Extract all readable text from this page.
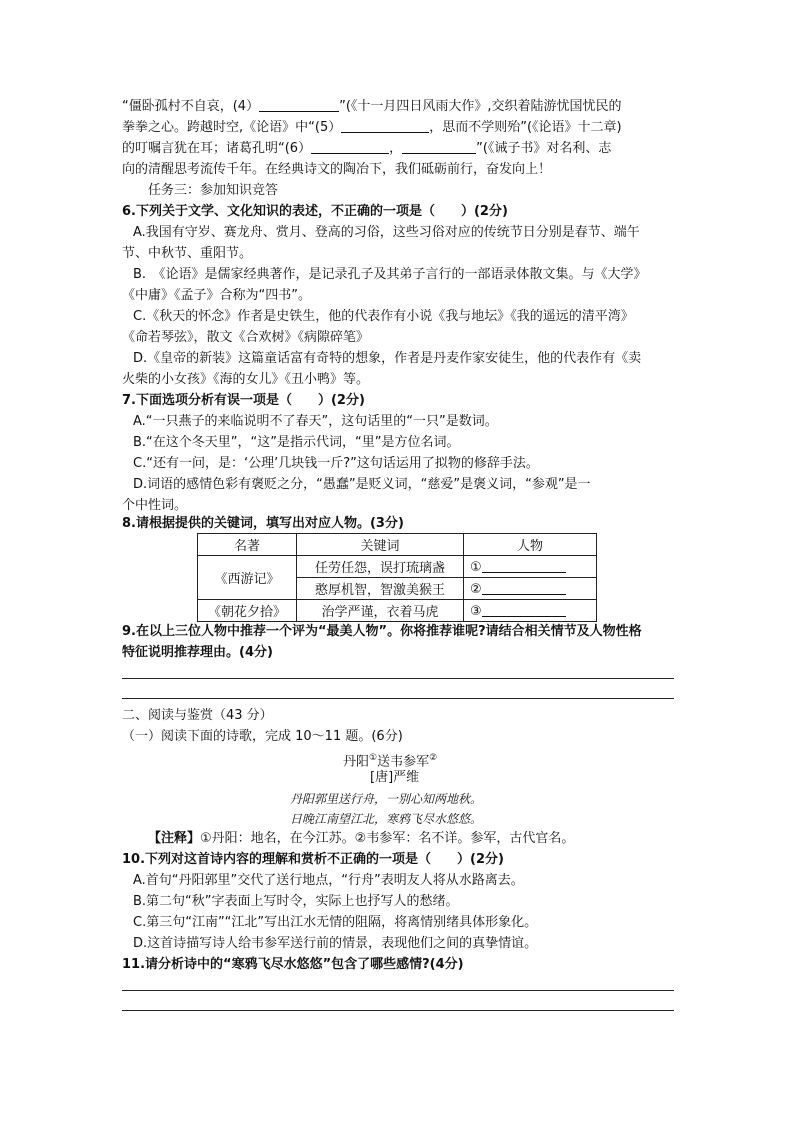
“僵卧孤村不自哀，(4）	”(《十一月四日风雨大作》,交织着陆游忧国忧民的
拳拳之心。跨越时空,《论语》中“(5）	，思而不学则殆”(《论语》十二章)
的叮嘱言犹在耳；诸葛孔明“(6）	，	”(《诫子书》对名利、志
向的清醒思考流传千年。在经典诗文的陶冶下，我们砥砺前行，奋发向上！
任务三：参加知识竞答
6.下列关于文学、文化知识的表述，不正确的一项是（　　）(2分)
A.我国有守岁、赛龙舟、赏月、登高的习俗，这些习俗对应的传统节日分别是春节、端午
节、中秋节、重阳节。
B.　《论语》是儒家经典著作，是记录孔子及其弟子言行的一部语录体散文集。与《大学》
《中庸》《孟子》合称为“四书”。
C.《秋天的怀念》作者是史铁生，他的代表作有小说《我与地坛》《我的遥远的清平湾》
《命若琴弦》，散文《合欢树》《病隙碎笔》
D.《皇帝的新装》这篇童话富有奇特的想象，作者是丹麦作家安徒生，他的代表作有《卖
火柴的小女孩》《海的女儿》《丑小鸭》等。
7.下面选项分析有误一项是（　　）(2分)
A.“一只燕子的来临说明不了春天”，这句话里的“一只”是数词。
B.“在这个冬天里”，“这”是指示代词，“里”是方位名词。
C.“还有一问，是：‘公理’几块钱一斤?”这句话运用了拟物的修辞手法。
D.词语的感情色彩有褒贬之分，“愚蠢”是贬义词，“慈爱”是褒义词，“参观”是一
个中性词。
8.请根据提供的关键词，填写出对应人物。(3分)
名著	关键词	人物
《西游记》	任劳任怨，误打琉璃盏	①
	憨厚机智，智激美猴王	②
《朝花夕拾》	治学严谨，衣着马虎	③
9.在以上三位人物中推荐一个评为“最美人物”。你将推荐谁呢?请结合相关情节及人物性格
特征说明推荐理由。(4分)
二、阅读与鉴赏（43 分）
（一）阅读下面的诗歌，完成 10～11 题。(6分)
丹阳①送韦参军②
[唐]严维
丹阳郭里送行舟，一别心知两地秋。
日晚江南望江北，寒鸦飞尽水悠悠。
【注释】①丹阳：地名，在今江苏。②韦参军：名不详。参军，古代官名。
10.下列对这首诗内容的理解和赏析不正确的一项是（　　）(2分)
A.首句“丹阳郭里”交代了送行地点，“行舟”表明友人将从水路离去。
B.第二句“秋”字表面上写时令，实际上也抒写人的愁绪。
C.第三句“江南”“江北”写出江水无情的阻隔，将离情别绪具体形象化。
D.这首诗描写诗人给韦参军送行前的情景，表现他们之间的真挚情谊。
11.请分析诗中的“寒鸦飞尽水悠悠”包含了哪些感情?(4分)
